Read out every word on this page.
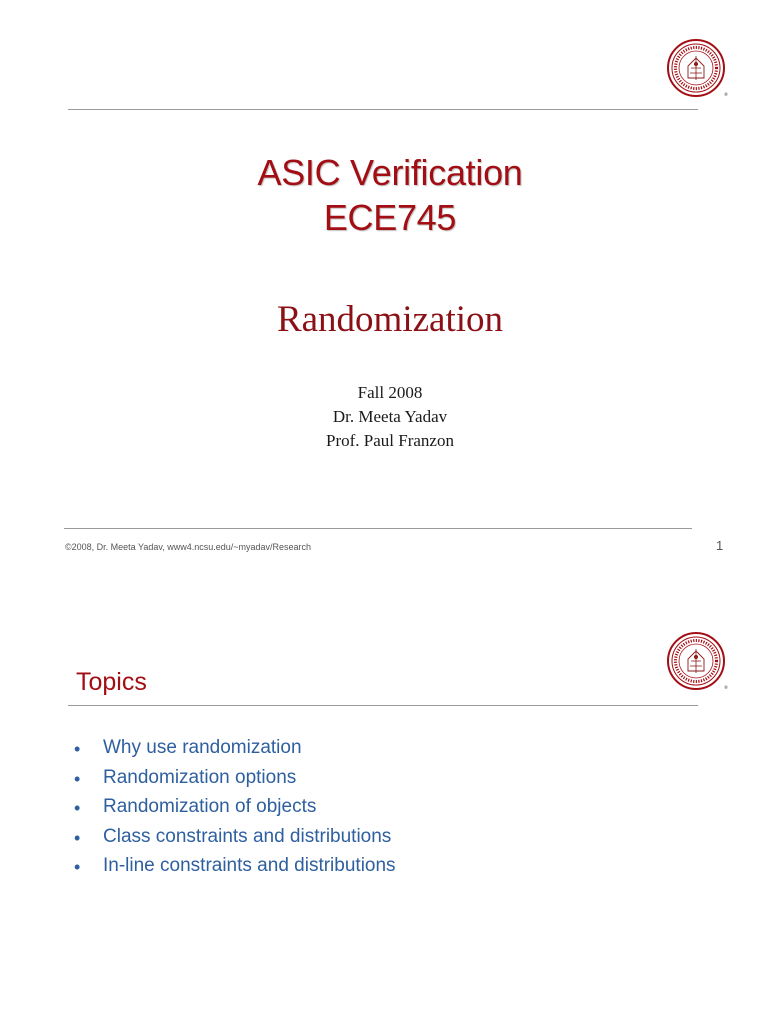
®
ASIC Verification
ECE745
Randomization
Fall 2008
Dr. Meeta Yadav
Prof. Paul Franzon
©2008, Dr. Meeta Yadav, www4.ncsu.edu/~myadav/Research	1
®
Topics
• Why use randomization
• Randomization options
• Randomization of objects
• Class constraints and distributions
• In-line constraints and distributions
